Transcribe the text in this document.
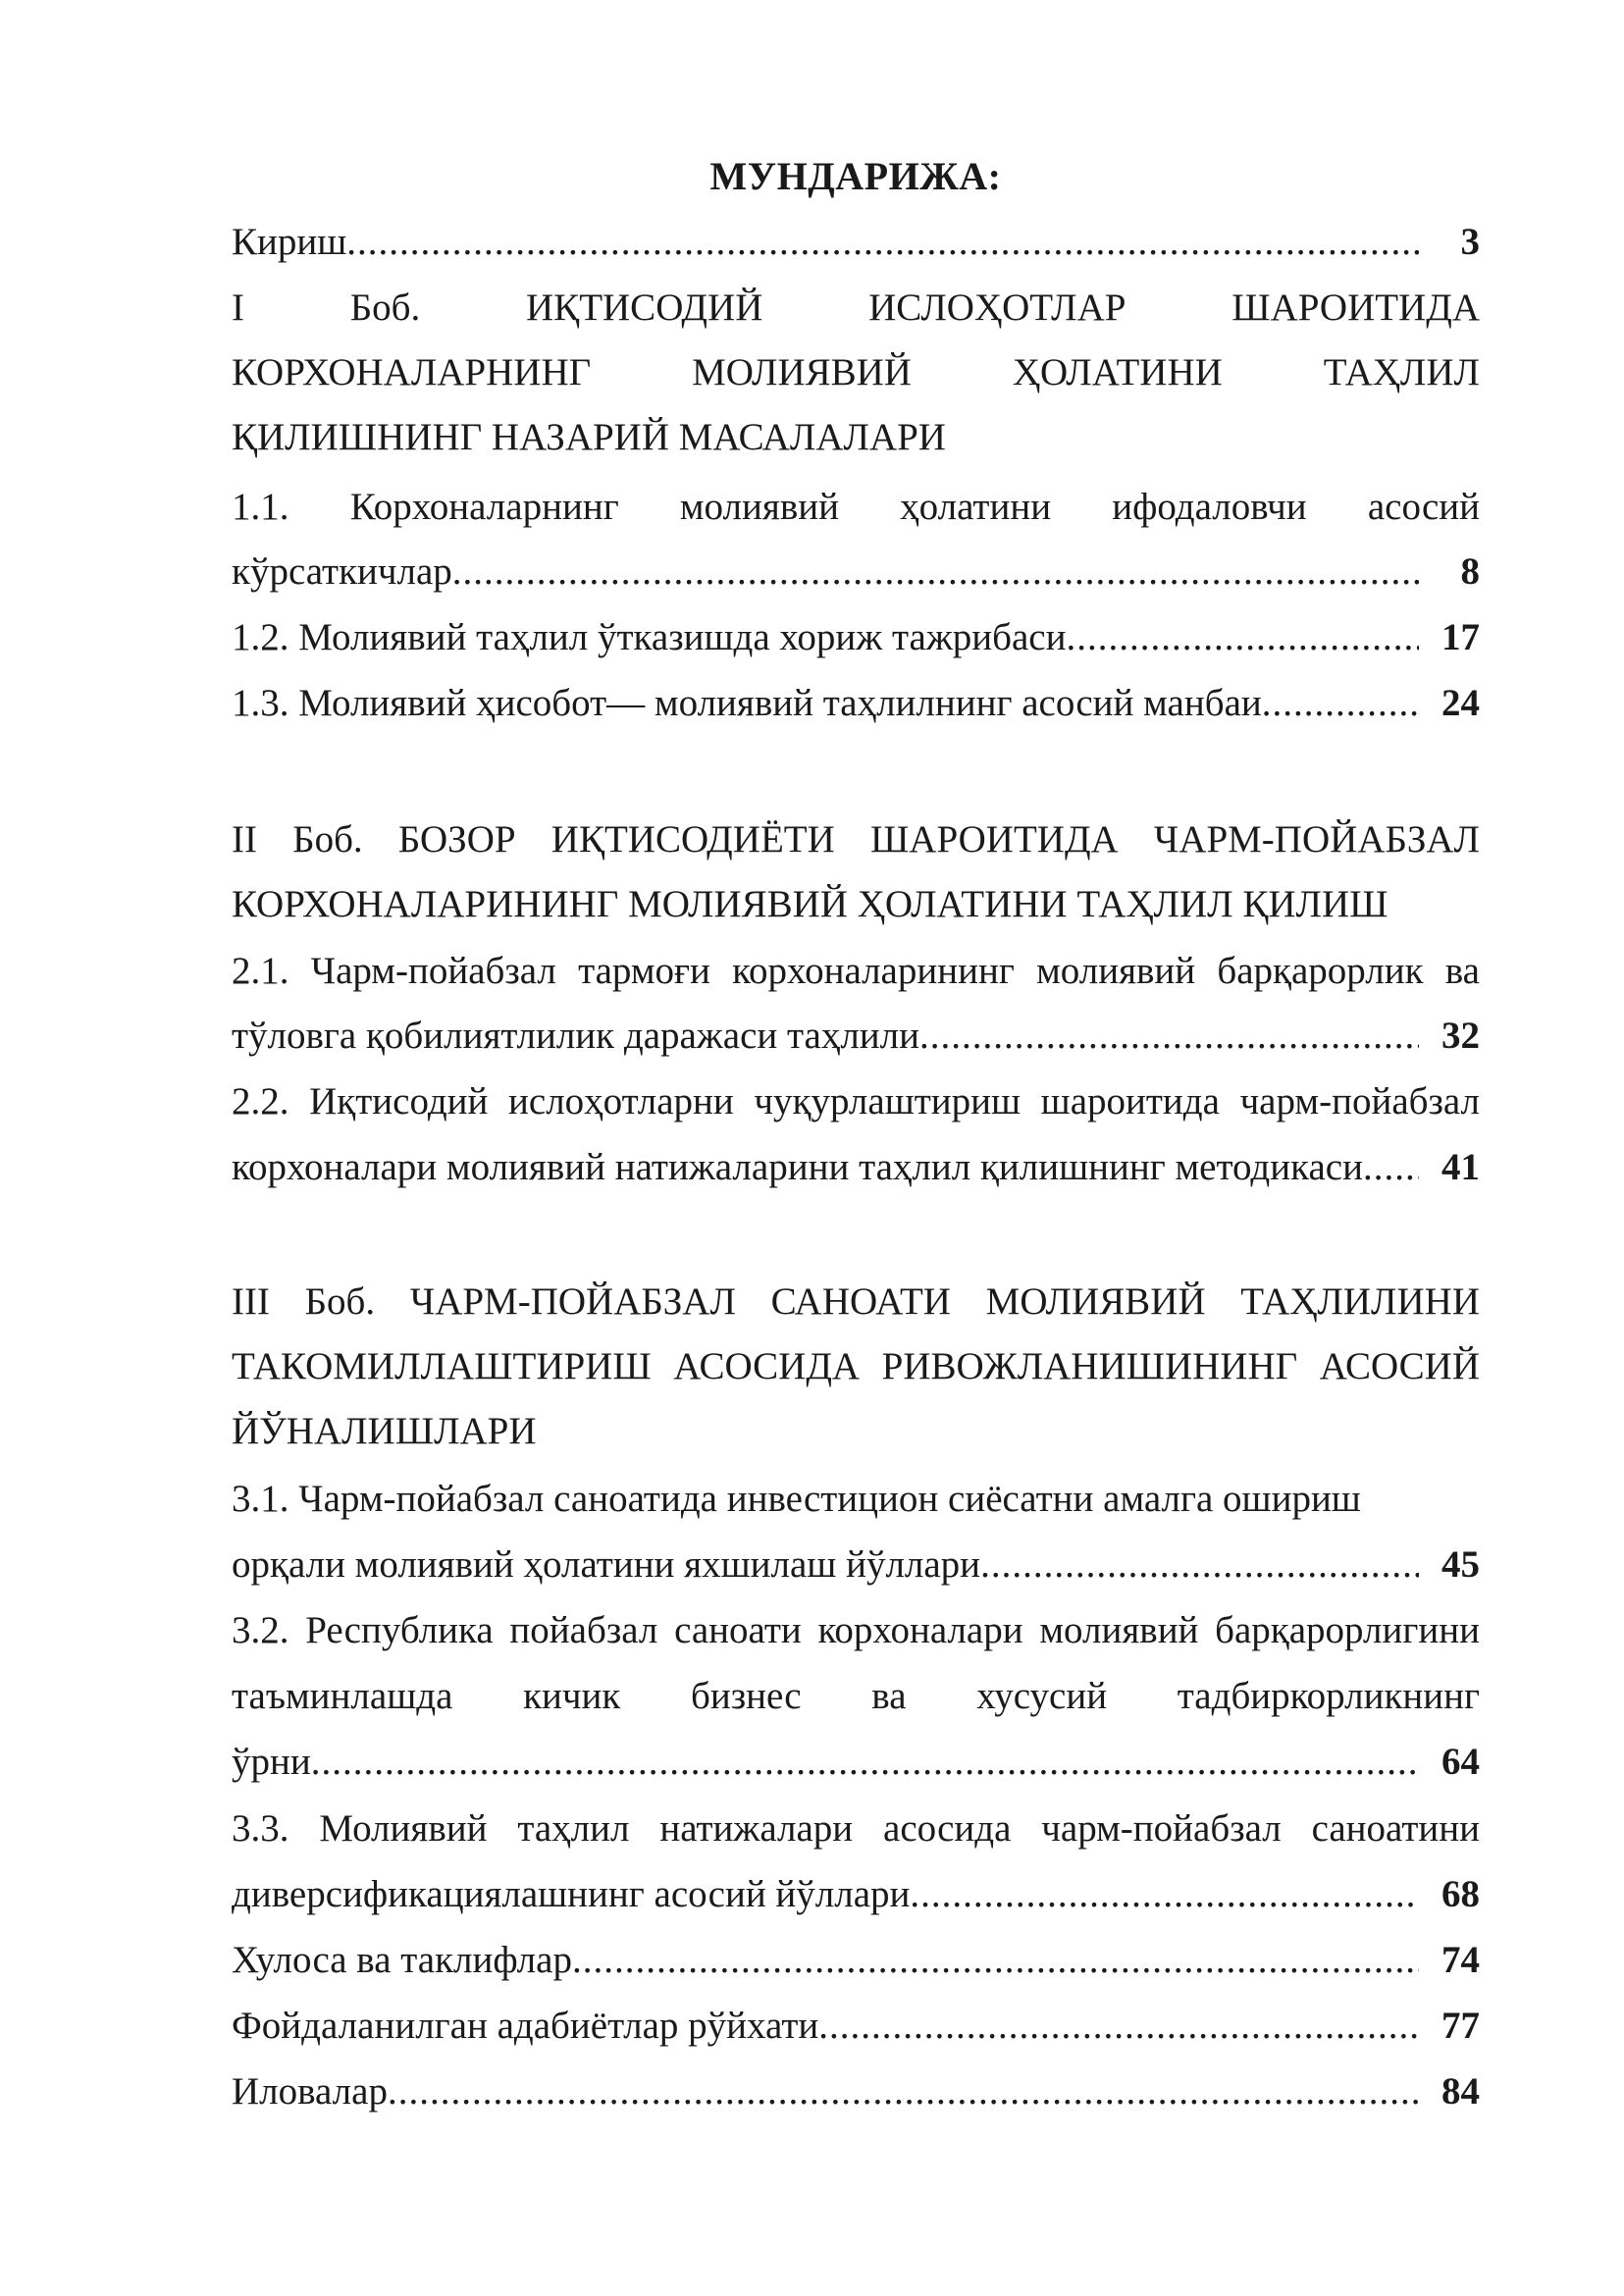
МУНДАРИЖА:
Кириш .....	3
I Боб. ИҚТИСОДИЙ ИСЛОҲОТЛАР ШАРОИТИДА
КОРХОНАЛАРНИНГ МОЛИЯВИЙ ҲОЛАТИНИ ТАҲЛИЛ
ҚИЛИШНИНГ НАЗАРИЙ МАСАЛАЛАРИ
1.1. Корхоналарнинг молиявий ҳолатини ифодаловчи асосий
кўрсаткичлар .....	8
1.2. Молиявий таҳлил ўтказишда хориж тажрибаси .....	17
1.3. Молиявий ҳисобот— молиявий таҳлилнинг асосий манбаи .....	24
II Боб. БОЗОР ИҚТИСОДИЁТИ ШАРОИТИДА ЧАРМ-ПОЙАБЗАЛ
КОРХОНАЛАРИНИНГ МОЛИЯВИЙ ҲОЛАТИНИ ТАҲЛИЛ ҚИЛИШ
2.1. Чарм-пойабзал тармоғи корхоналарининг молиявий барқарорлик ва
тўловга қобилиятлилик даражаси таҳлили .....	32
2.2. Иқтисодий ислоҳотларни чуқурлаштириш шароитида чарм-пойабзал
корхоналари молиявий натижаларини таҳлил қилишнинг методикаси ..... 41
III Боб. ЧАРМ-ПОЙАБЗАЛ САНОАТИ МОЛИЯВИЙ ТАҲЛИЛИНИ
ТАКОМИЛЛАШТИРИШ АСОСИДА РИВОЖЛАНИШИНИНГ АСОСИЙ
ЙЎНАЛИШЛАРИ
3.1. Чарм-пойабзал саноатида инвестицион сиёсатни амалга ошириш
орқали молиявий ҳолатини яхшилаш йўллари .....	45
3.2. Республика пойабзал саноати корхоналари молиявий барқарорлигини
таъминлашда кичик бизнес ва хусусий тадбиркорликнинг
ўрни .....	64
3.3. Молиявий таҳлил натижалари асосида чарм-пойабзал саноатини
диверсификациялашнинг асосий йўллари .....	68
Хулоса ва таклифлар .....	74
Фойдаланилган адабиётлар рўйхати .....	77
Иловалар .....	84
